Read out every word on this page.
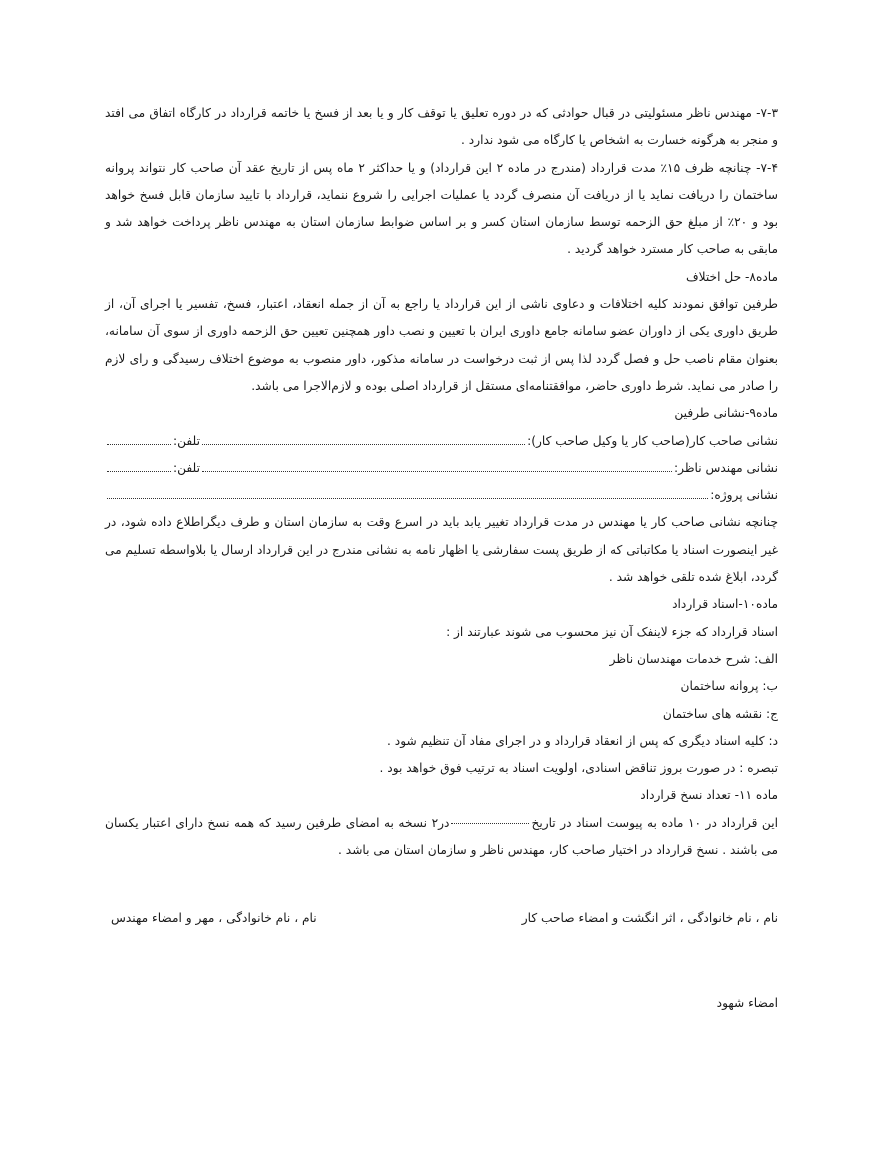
۷-۳- مهندس ناظر مسئولیتی در قبال حوادثی که در دوره تعلیق یا توقف کار و یا بعد از فسخ یا خاتمه قرارداد در کارگاه اتفاق می افتد و منجر به هرگونه خسارت به اشخاص یا کارگاه می شود ندارد .

۷-۴- چنانچه ظرف ۱۵٪ مدت قرارداد (مندرج در ماده ۲ این قرارداد) و یا حداکثر ۲ ماه پس از تاریخ عقد آن صاحب کار نتواند پروانه ساختمان را دریافت نماید یا از دریافت آن منصرف گردد یا عملیات اجرایی را شروع ننماید، قرارداد با تایید سازمان قابل فسخ خواهد بود و ۲۰٪ از مبلغ حق الزحمه توسط سازمان استان کسر و بر اساس ضوابط سازمان استان به مهندس ناظر پرداخت خواهد شد و مابقی به صاحب کار مسترد خواهد گردید .

ماده۸- حل اختلاف

طرفین توافق نمودند کلیه اختلافات و دعاوی ناشی از این قرارداد یا راجع به آن از جمله انعقاد، اعتبار، فسخ، تفسیر یا اجرای آن، از طریق داوری یکی از داوران عضو سامانه جامع داوری ایران با تعیین و نصب داور همچنین تعیین حق الزحمه داوری از سوی آن سامانه، بعنوان مقام ناصب حل و فصل گردد لذا پس از ثبت درخواست در سامانه مذکور، داور منصوب به موضوع اختلاف رسیدگی و رای لازم را صادر می نماید. شرط داوری حاضر، موافقتنامه‌ای مستقل از قرارداد اصلی بوده و لازم‌الاجرا می باشد.

ماده۹-نشانی طرفین

نشانی صاحب کار(صاحب کار یا وکیل صاحب کار):
تلفن:
نشانی مهندس ناظر:
تلفن:
نشانی پروژه:

چنانچه نشانی صاحب کار یا مهندس در مدت قرارداد تغییر یابد باید در اسرع وقت به سازمان استان و طرف دیگراطلاع داده شود، در غیر اینصورت اسناد یا مکاتباتی که از طریق پست سفارشی یا اظهار نامه به نشانی مندرج در این قرارداد ارسال یا بلاواسطه تسلیم می گردد، ابلاغ شده تلقی خواهد شد .

ماده۱۰-اسناد قرارداد

اسناد قرارداد که جزء لاینفک آن نیز محسوب می شوند عبارتند از :

الف: شرح خدمات مهندسان ناظر

ب: پروانه ساختمان

ج: نقشه های ساختمان

د: کلیه اسناد دیگری که پس از انعقاد قرارداد و در اجرای مفاد آن تنظیم شود .

تبصره : در صورت بروز تناقض اسنادی، اولویت اسناد به ترتیب فوق خواهد بود .

ماده ۱۱- تعداد نسخ قرارداد

این قرارداد در ۱۰ ماده به پیوست اسناد در تاریخدر۲ نسخه به امضای طرفین رسید که همه نسخ دارای اعتبار یکسان می باشند . نسخ قرارداد در اختیار صاحب کار، مهندس ناظر و سازمان استان می باشد .

نام ، نام خانوادگی ، اثر انگشت و امضاء صاحب کار
نام ، نام خانوادگی ، مهر و امضاء مهندس
امضاء شهود
